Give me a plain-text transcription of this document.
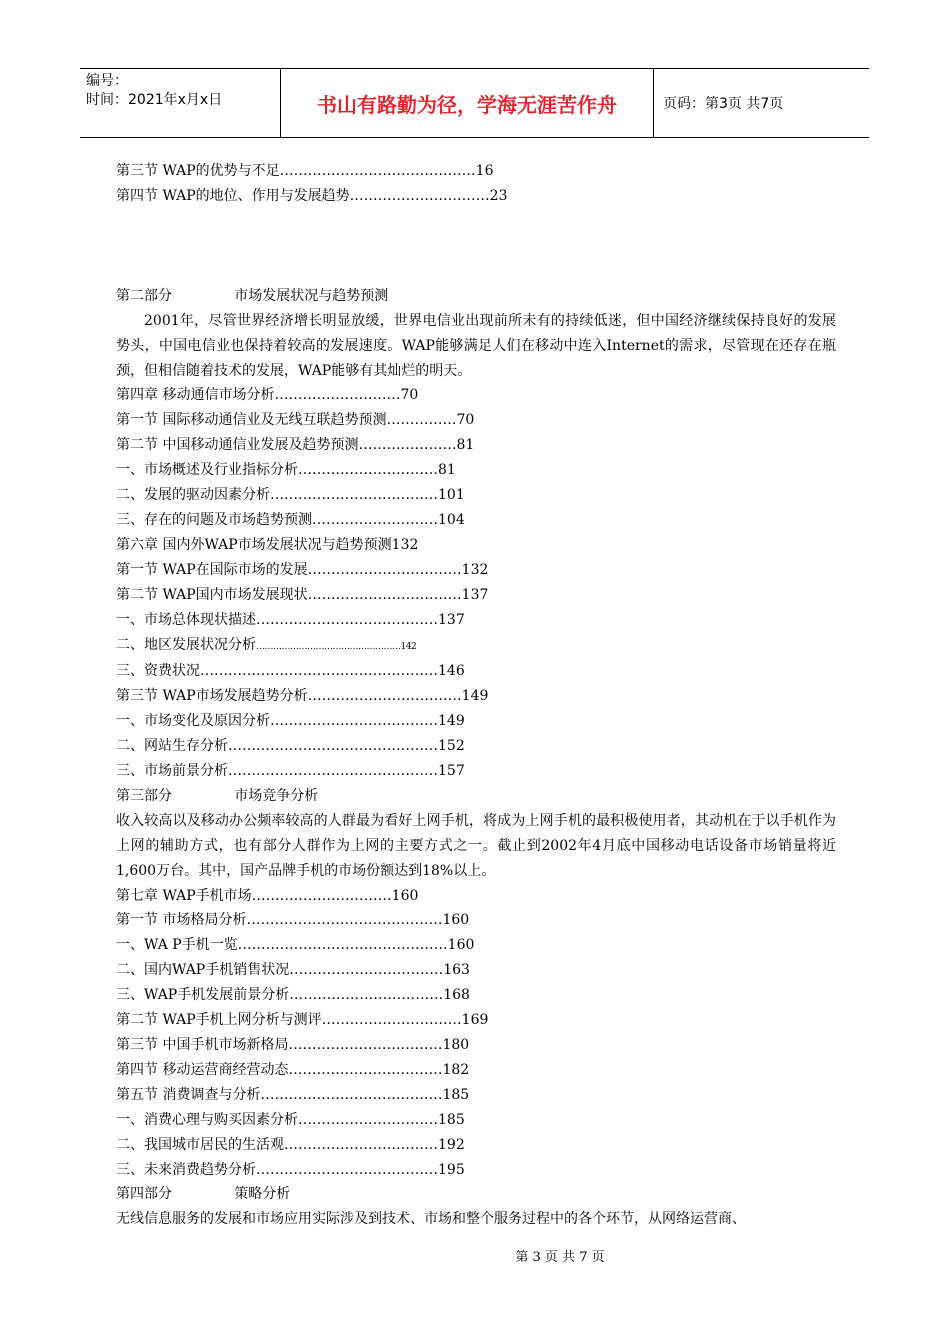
编号：
时间：2021年x月x日	书山有路勤为径，学海无涯苦作舟	页码：第3页 共7页
第三节 WAP的优势与不足……………………………………16
第四节 WAP的地位、作用与发展趋势…………………………23
第二部分              市场发展状况与趋势预测
2001年，尽管世界经济增长明显放缓，世界电信业出现前所未有的持续低迷，但中国经济继续保持良好的发展势头，中国电信业也保持着较高的发展速度。WAP能够满足人们在移动中连入Internet的需求，尽管现在还存在瓶颈，但相信随着技术的发展，WAP能够有其灿烂的明天。
第四章 移动通信市场分析………………………70
第一节 国际移动通信业及无线互联趋势预测……………70
第二节 中国移动通信业发展及趋势预测…………………81
一、市场概述及行业指标分析…………………………81
二、发展的驱动因素分析………………………………101
三、存在的问题及市场趋势预测………………………104
第六章 国内外WAP市场发展状况与趋势预测132
第一节 WAP在国际市场的发展……………………………132
第二节 WAP国内市场发展现状……………………………137
一、市场总体现状描述…………………………………137
二、地区发展状况分析……………………………………………142
三、资费状况……………………………………………146
第三节 WAP市场发展趋势分析……………………………149
一、市场变化及原因分析………………………………149
二、网站生存分析………………………………………152
三、市场前景分析………………………………………157
第三部分              市场竞争分析
收入较高以及移动办公频率较高的人群最为看好上网手机，将成为上网手机的最积极使用者，其动机在于以手机作为上网的辅助方式，也有部分人群作为上网的主要方式之一。截止到2002年4月底中国移动电话设备市场销量将近1,600万台。其中，国产品牌手机的市场份额达到18%以上。
第七章 WAP手机市场…………………………160
第一节 市场格局分析……………………………………160
一、WA P手机一览………………………………………160
二、国内WAP手机销售状况……………………………163
三、WAP手机发展前景分析……………………………168
第二节 WAP手机上网分析与测评…………………………169
第三节 中国手机市场新格局……………………………180
第四节 移动运营商经营动态……………………………182
第五节 消费调查与分析…………………………………185
一、消费心理与购买因素分析…………………………185
二、我国城市居民的生活观……………………………192
三、未来消费趋势分析…………………………………195
第四部分              策略分析
无线信息服务的发展和市场应用实际涉及到技术、市场和整个服务过程中的各个环节，从网络运营商、
第 3 页 共 7 页
